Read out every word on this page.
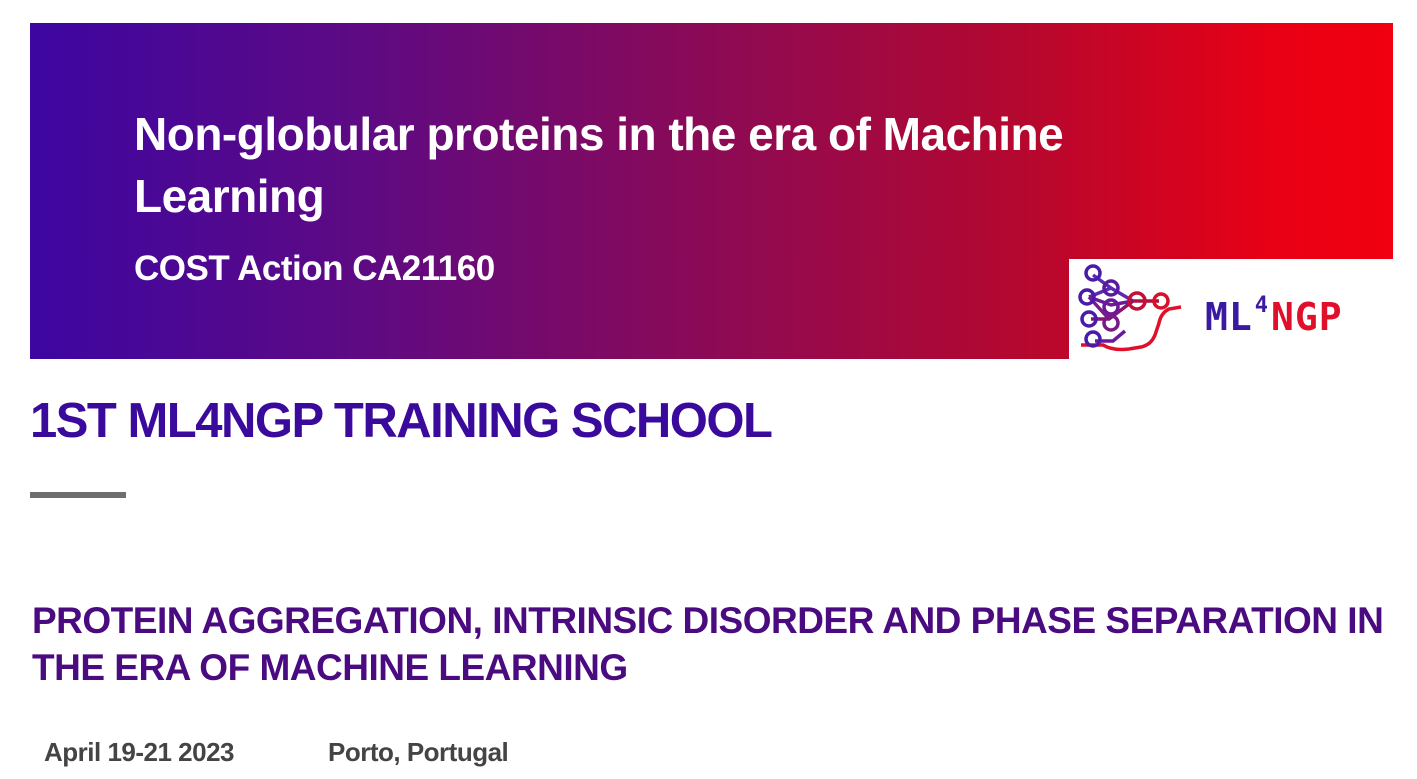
Non-globular proteins in the era of Machine Learning
COST Action CA21160
$ML^4NGP$
1ST ML4NGP TRAINING SCHOOL
PROTEIN AGGREGATION, INTRINSIC DISORDER AND PHASE SEPARATION IN THE ERA OF MACHINE LEARNING
April 19-21 2023	Porto, Portugal
